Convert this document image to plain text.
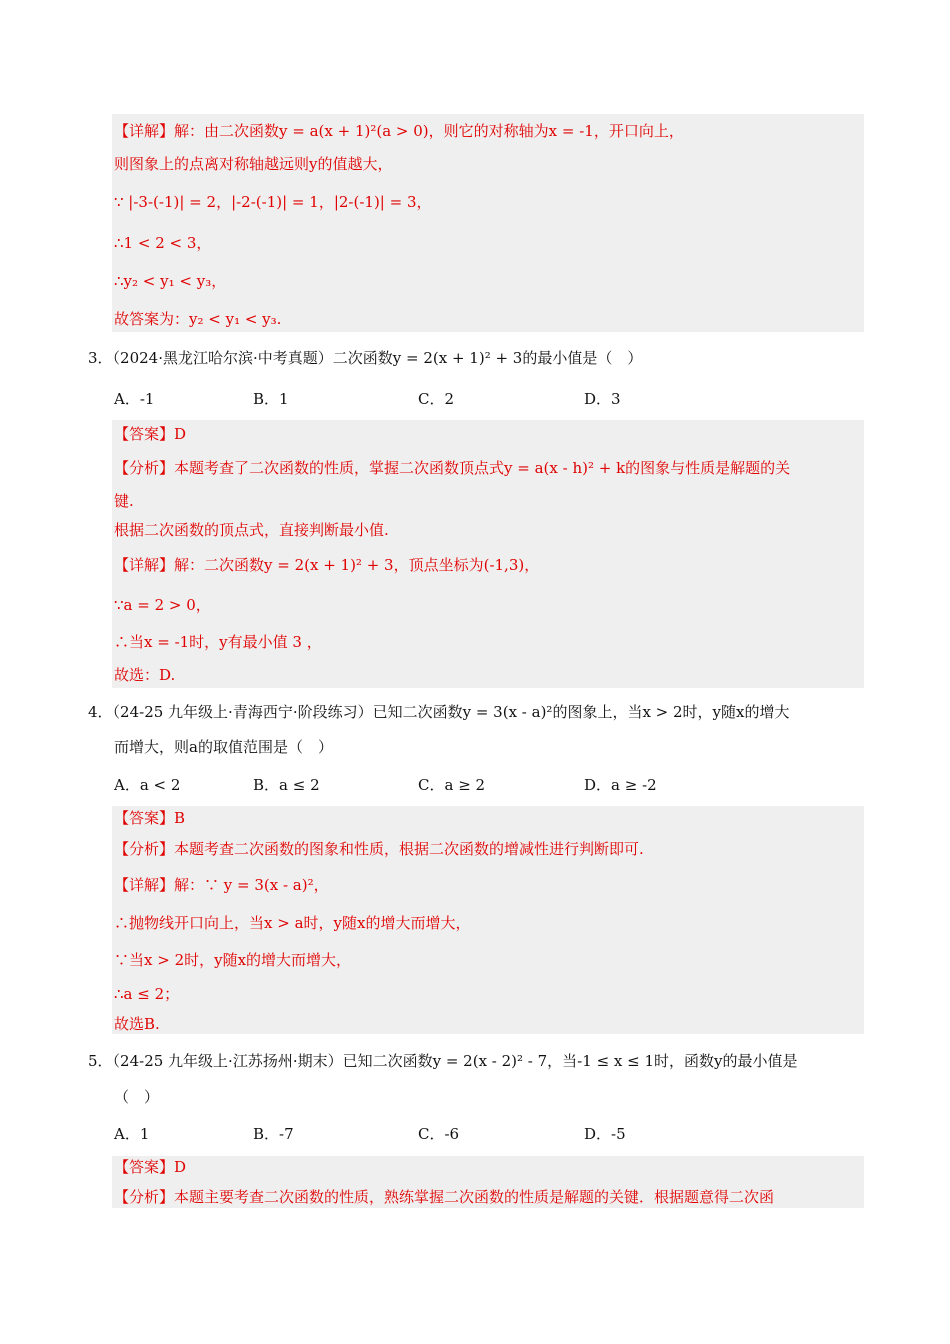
【详解】解：由二次函数y = a(x + 1)²(a > 0)，则它的对称轴为x = -1，开口向上，
则图象上的点离对称轴越远则y的值越大，
∵ |-3-(-1)| = 2，|-2-(-1)| = 1，|2-(-1)| = 3，
∴1 < 2 < 3，
∴y₂ < y₁ < y₃，
故答案为：y₂ < y₁ < y₃.
3．（2024·黑龙江哈尔滨·中考真题）二次函数y = 2(x + 1)² + 3的最小值是（　）
A．-1	B．1	C．2	D．3
【答案】D
【分析】本题考查了二次函数的性质，掌握二次函数顶点式y = a(x - h)² + k的图象与性质是解题的关
键.
根据二次函数的顶点式，直接判断最小值.
【详解】解：二次函数y = 2(x + 1)² + 3，顶点坐标为(-1,3)，
∵a = 2 > 0，
∴当x = -1时，y有最小值 3 ，
故选：D.
4．（24-25 九年级上·青海西宁·阶段练习）已知二次函数y = 3(x - a)²的图象上，当x > 2时，y随x的增大
而增大，则a的取值范围是（　）
A．a < 2	B．a ≤ 2	C．a ≥ 2	D．a ≥ -2
【答案】B
【分析】本题考查二次函数的图象和性质，根据二次函数的增减性进行判断即可.
【详解】解：∵ y = 3(x - a)²，
∴抛物线开口向上，当x > a时，y随x的增大而增大，
∵当x > 2时，y随x的增大而增大，
∴a ≤ 2；
故选B.
5．（24-25 九年级上·江苏扬州·期末）已知二次函数y = 2(x - 2)² - 7，当-1 ≤ x ≤ 1时，函数y的最小值是
（　）
A．1	B．-7	C．-6	D．-5
【答案】D
【分析】本题主要考查二次函数的性质，熟练掌握二次函数的性质是解题的关键．根据题意得二次函
